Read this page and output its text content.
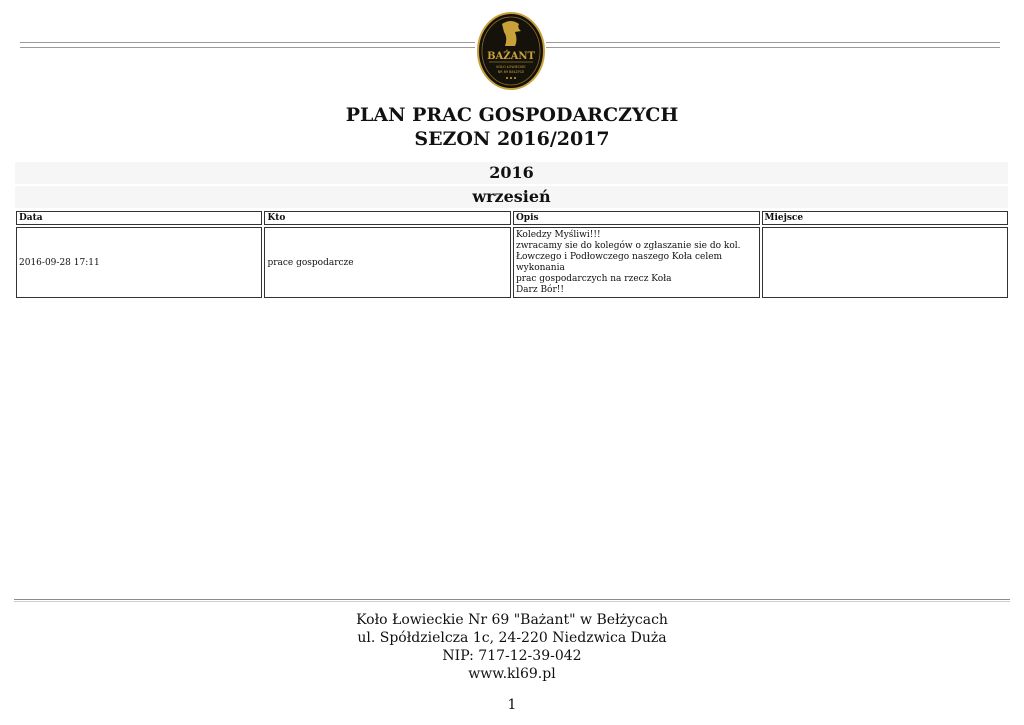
BAŻANT
KOŁO ŁOWIECKIE
NR 69 BEŁŻYCE
PLAN PRAC GOSPODARCZYCH
SEZON 2016/2017
2016
wrzesień
Data	Kto	Opis	Miejsce
2016-09-28 17:11	prace gospodarcze	Koledzy Myśliwi!!!
zwracamy sie do kolegów o zgłaszanie sie do kol.
Łowczego i Podłowczego naszego Koła celem wykonania
prac gospodarczych na rzecz Koła
Darz Bór!!	

Koło Łowieckie Nr 69 "Bażant" w Bełżycach
ul. Spółdzielcza 1c, 24-220 Niedzwica Duża
NIP: 717-12-39-042
www.kl69.pl
1
